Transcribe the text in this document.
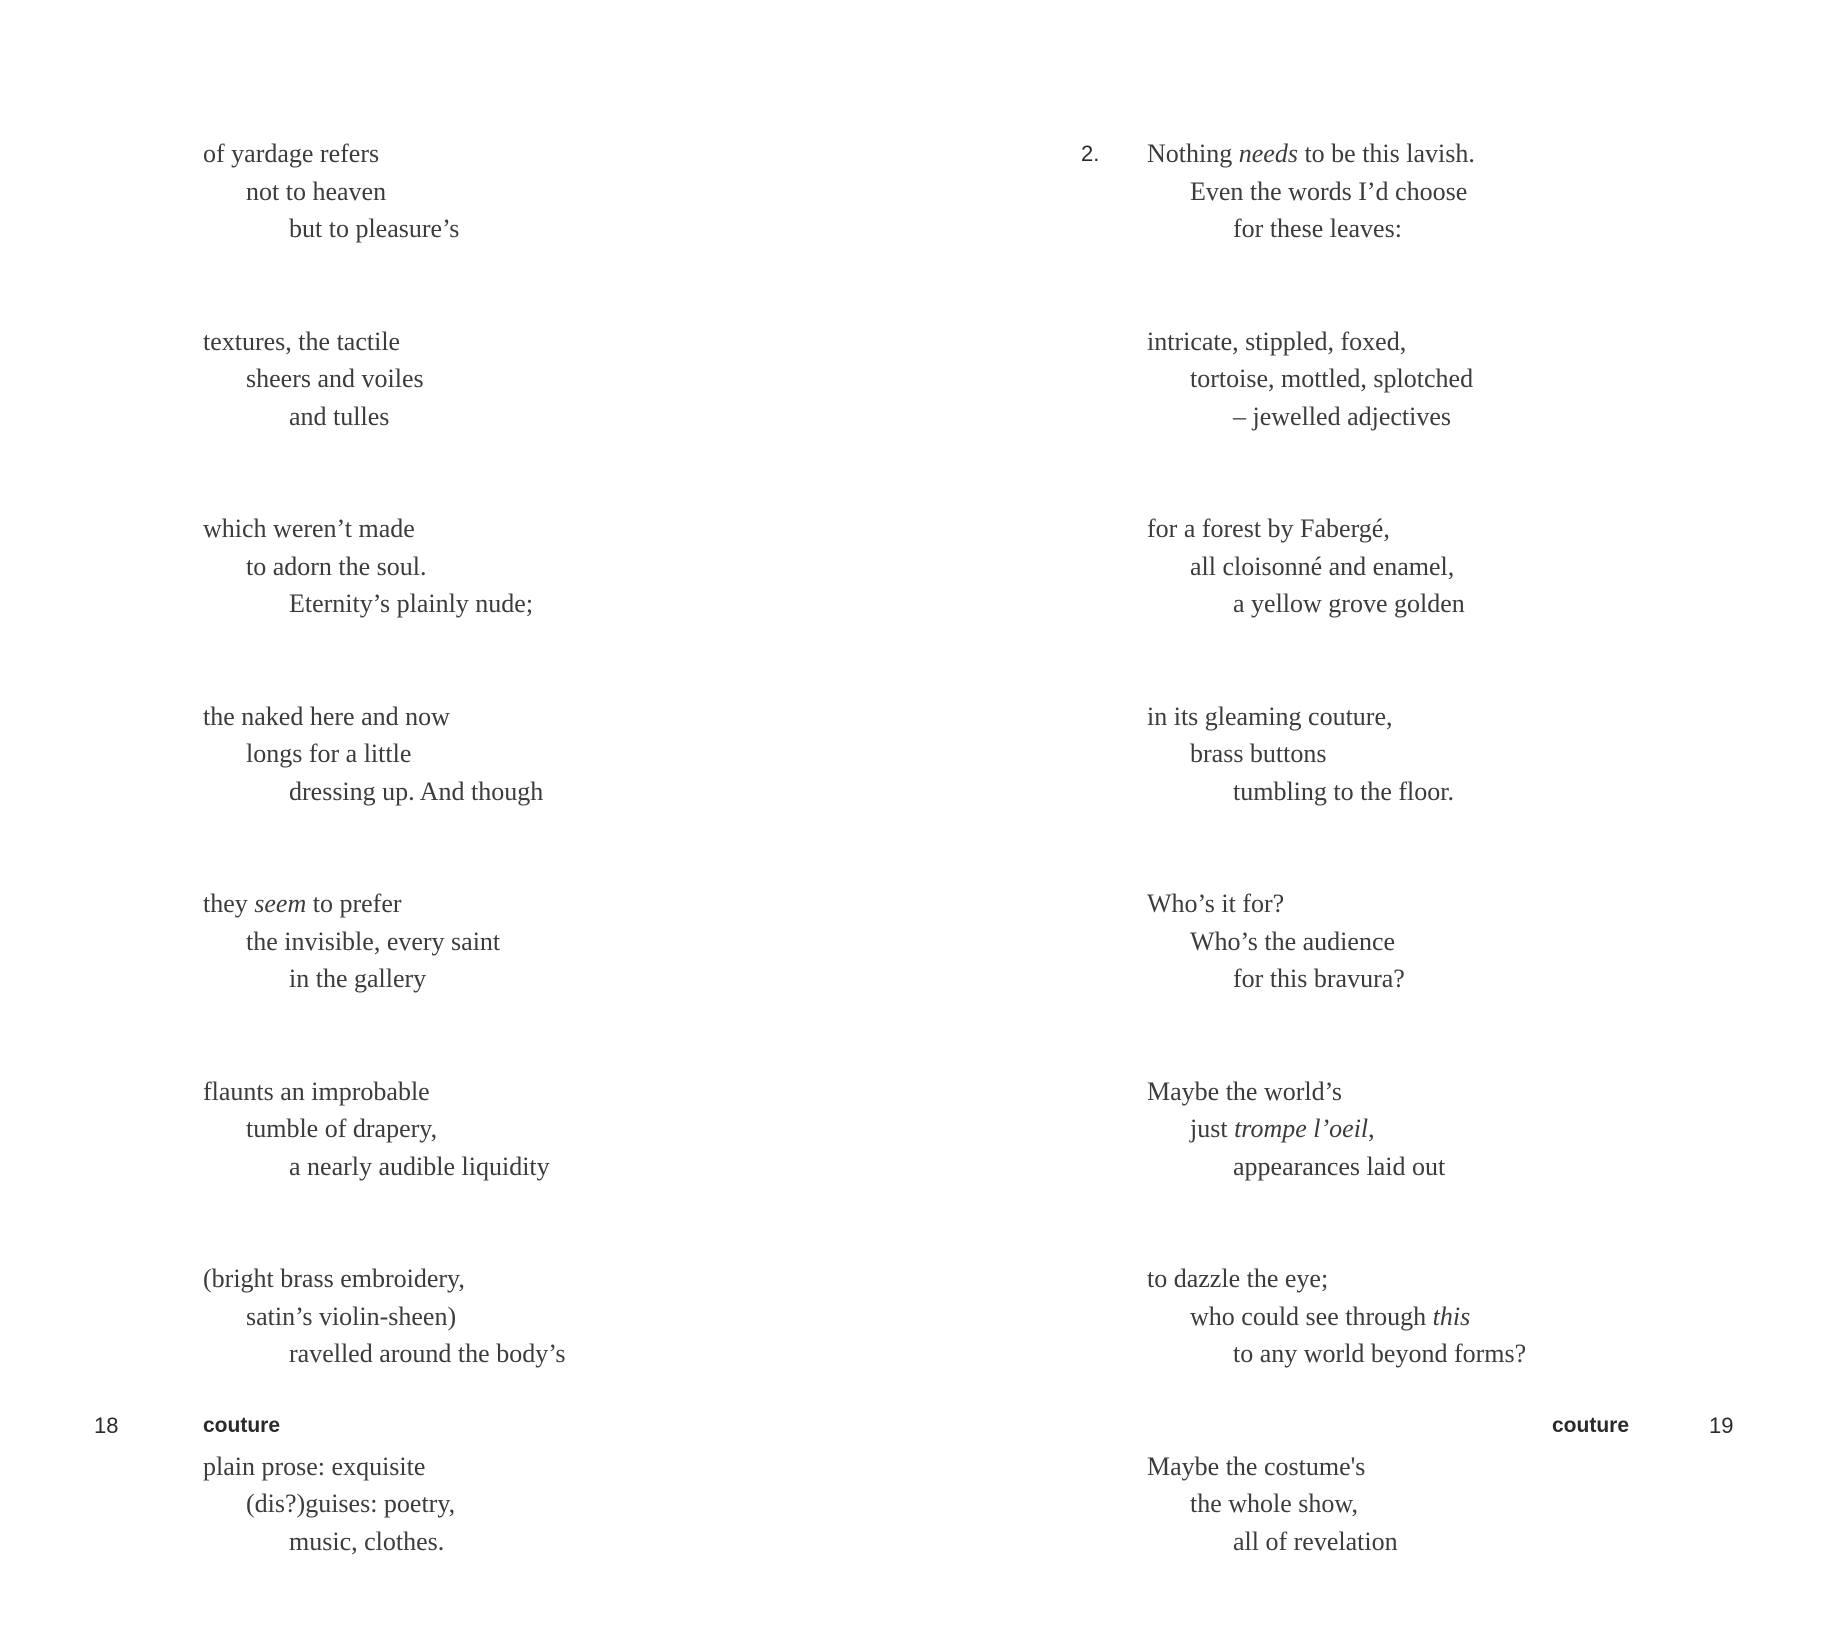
of yardage refers
not to heaven
but to pleasure’s
textures, the tactile
sheers and voiles
and tulles
which weren’t made
to adorn the soul.
Eternity’s plainly nude;
the naked here and now
longs for a little
dressing up. And though
they seem to prefer
the invisible, every saint
in the gallery
flaunts an improbable
tumble of drapery,
a nearly audible liquidity
(bright brass embroidery,
satin’s violin-sheen)
ravelled around the body’s
plain prose: exquisite
(dis?)guises: poetry,
music, clothes.
18	couture
2. Nothing needs to be this lavish.
Even the words I’d choose
for these leaves:
intricate, stippled, foxed,
tortoise, mottled, splotched
– jewelled adjectives
for a forest by Fabergé,
all cloisonné and enamel,
a yellow grove golden
in its gleaming couture,
brass buttons
tumbling to the floor.
Who’s it for?
Who’s the audience
for this bravura?
Maybe the world’s
just trompe l’oeil,
appearances laid out
to dazzle the eye;
who could see through this
to any world beyond forms?
Maybe the costume's
the whole show,
all of revelation
couture	19
